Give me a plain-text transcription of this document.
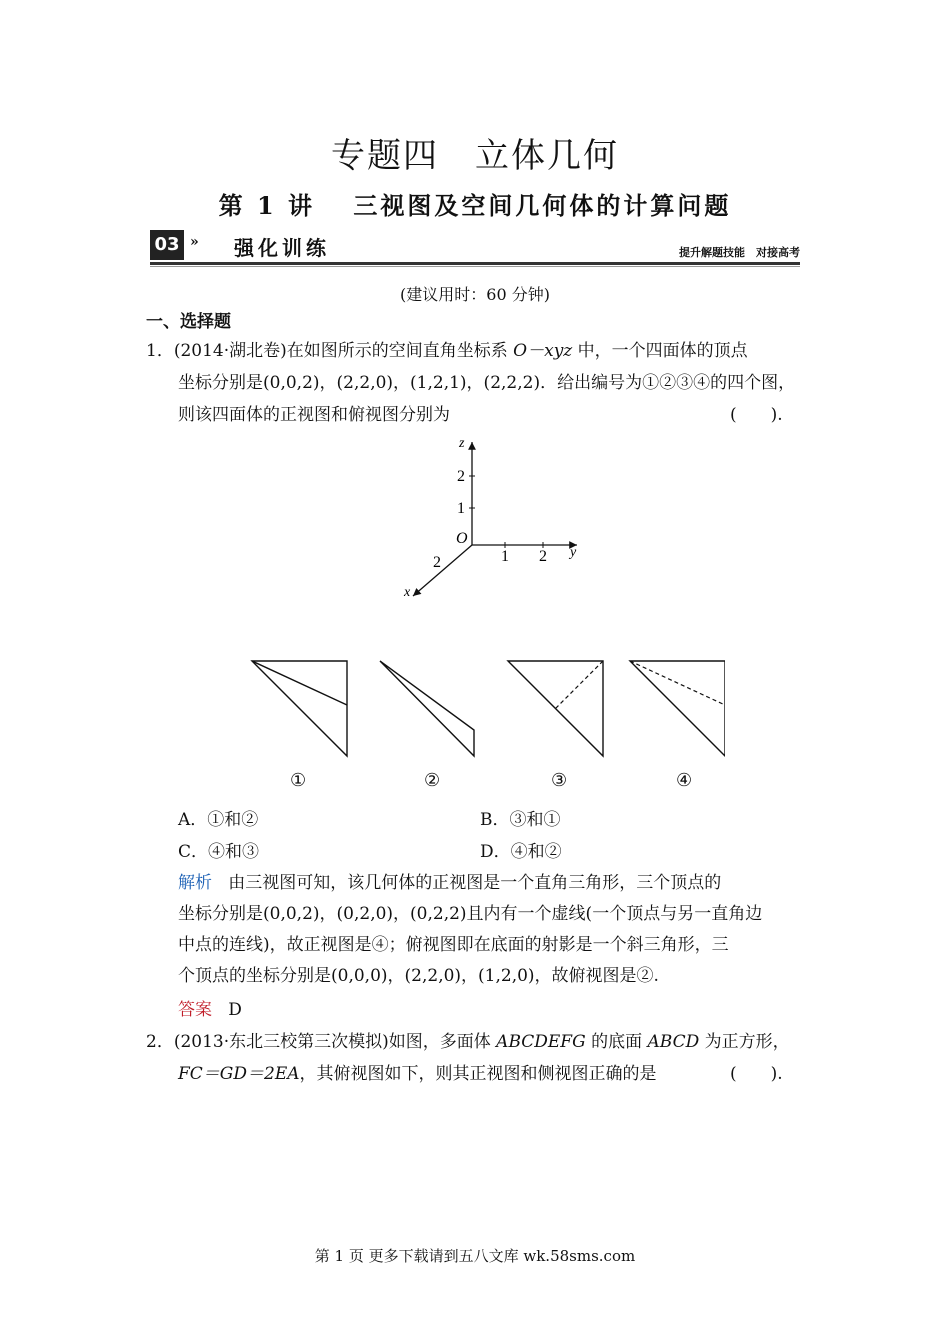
专题四　立体几何
第 1 讲　 三视图及空间几何体的计算问题
03 » 强化训练	提升解题技能　对接高考
(建议用时：60 分钟)
一、选择题
1．(2014·湖北卷)在如图所示的空间直角坐标系 O－xyz 中，一个四面体的顶点
坐标分别是(0,0,2)，(2,2,0)，(1,2,1)，(2,2,2)．给出编号为①②③④的四个图，
则该四面体的正视图和俯视图分别为	(　　).
z
2
1
O
1 2 y
2
x
①	②	③	④
A．①和②	B．③和①
C．④和③	D．④和②
解析 由三视图可知，该几何体的正视图是一个直角三角形，三个顶点的
坐标分别是(0,0,2)，(0,2,0)，(0,2,2)且内有一个虚线(一个顶点与另一直角边
中点的连线)，故正视图是④；俯视图即在底面的射影是一个斜三角形，三
个顶点的坐标分别是(0,0,0)，(2,2,0)，(1,2,0)，故俯视图是②.
答案 D
2．(2013·东北三校第三次模拟)如图，多面体 ABCDEFG 的底面 ABCD 为正方形，
FC＝GD＝2EA，其俯视图如下，则其正视图和侧视图正确的是	(　　).
第 1 页 更多下载请到五八文库 wk.58sms.com
